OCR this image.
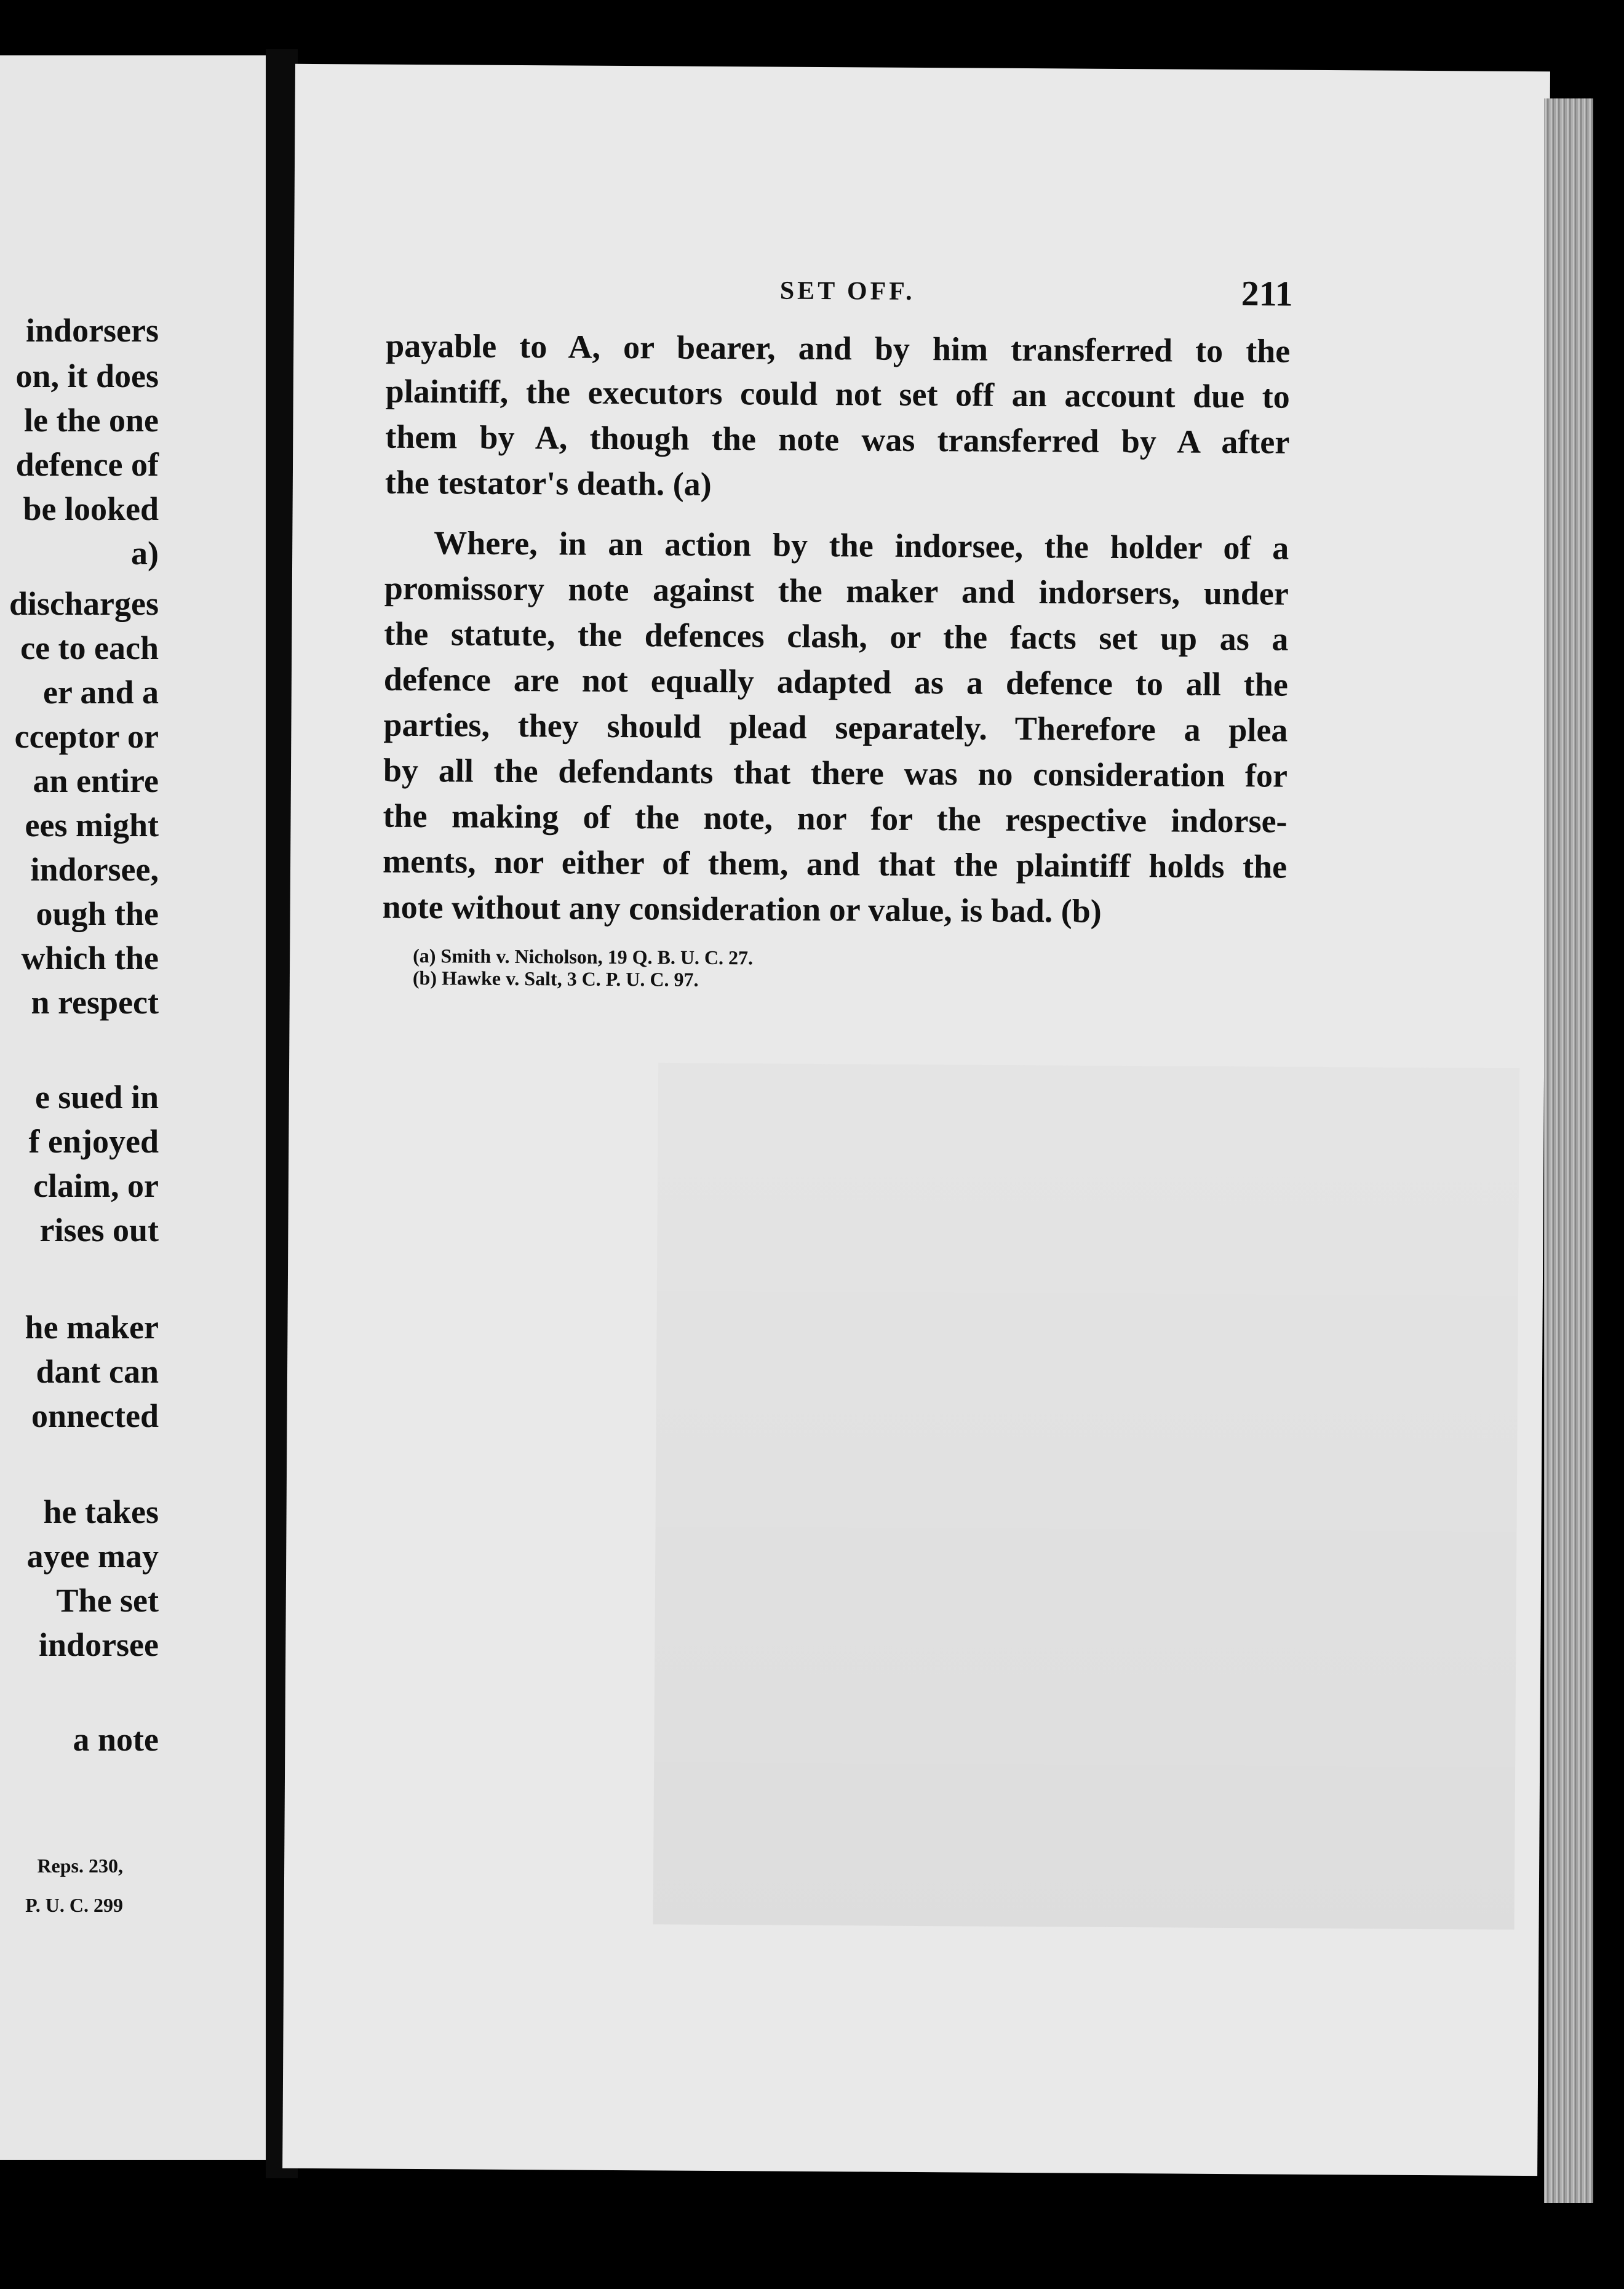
indorsers
on, it does
le the one
defence of
be looked
a)
discharges
ce to each
er and a
cceptor or
an entire
ees might
indorsee,
ough the
which the
n respect
e sued in
f enjoyed
claim, or
rises out
he maker
dant can
onnected
he takes
ayee may
The set
indorsee
a note
Reps. 230,
P. U. C. 299
SET OFF.	211
payable to A, or bearer, and by him transferred to the
plaintiff, the executors could not set off an account due to
them by A, though the note was transferred by A after
the testator's death. (a)
Where, in an action by the indorsee, the holder of a
promissory note against the maker and indorsers, under
the statute, the defences clash, or the facts set up as a
defence are not equally adapted as a defence to all the
parties, they should plead separately. Therefore a plea
by all the defendants that there was no consideration for
the making of the note, nor for the respective indorse-
ments, nor either of them, and that the plaintiff holds the
note without any consideration or value, is bad. (b)
(a) Smith v. Nicholson, 19 Q. B. U. C. 27.
(b) Hawke v. Salt, 3 C. P. U. C. 97.
